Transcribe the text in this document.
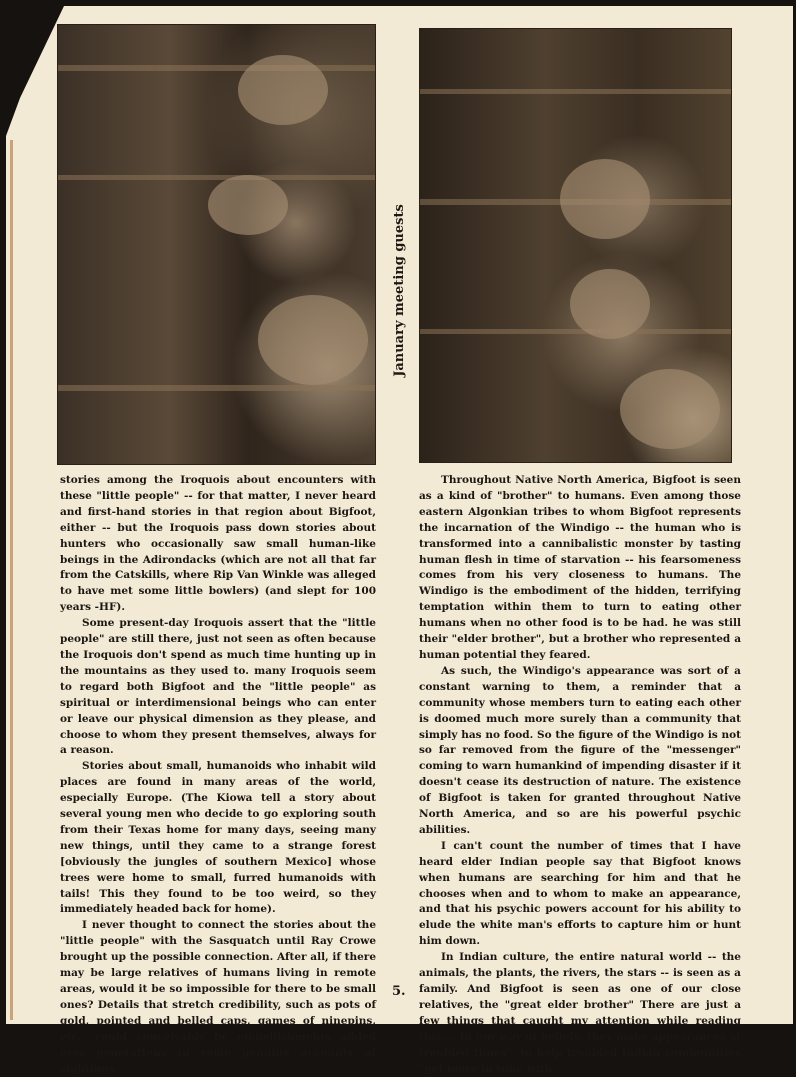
January meeting guests

stories among the Iroquois about encounters with these "little people" -- for that matter, I never heard and first-hand stories in that region about Bigfoot, either -- but the Iroquois pass down stories about hunters who occasionally saw small human-like beings in the Adirondacks (which are not all that far from the Catskills, where Rip Van Winkle was alleged to have met some little bowlers) (and slept for 100 years -HF).

Some present-day Iroquois assert that the "little people" are still there, just not seen as often because the Iroquois don't spend as much time hunting up in the mountains as they used to. many Iroquois seem to regard both Bigfoot and the "little people" as spiritual or interdimensional beings who can enter or leave our physical dimension as they please, and choose to whom they present themselves, always for a reason.

Stories about small, humanoids who inhabit wild places are found in many areas of the world, especially Europe. (The Kiowa tell a story about several young men who decide to go exploring south from their Texas home for many days, seeing many new things, until they came to a strange forest [obviously the jungles of southern Mexico] whose trees were home to small, furred humanoids with tails! This they found to be too weird, so they immediately headed back for home).

I never thought to connect the stories about the "little people" with the Sasquatch until Ray Crowe brought up the possible connection. After all, if there may be large relatives of humans living in remote areas, would it be so impossible for there to be small ones? Details that stretch credibility, such as pots of gold, pointed and belled caps, games of ninepins, etc., could conceivably be embellishments added over generations to some genuine accounts of sightings.

Throughout Native North America, Bigfoot is seen as a kind of "brother" to humans. Even among those eastern Algonkian tribes to whom Bigfoot represents the incarnation of the Windigo -- the human who is transformed into a cannibalistic monster by tasting human flesh in time of starvation -- his fearsomeness comes from his very closeness to humans. The Windigo is the embodiment of the hidden, terrifying temptation within them to turn to eating other humans when no other food is to be had. he was still their "elder brother", but a brother who represented a human potential they feared.

As such, the Windigo's appearance was sort of a constant warning to them, a reminder that a community whose members turn to eating each other is doomed much more surely than a community that simply has no food. So the figure of the Windigo is not so far removed from the figure of the "messenger" coming to warn humankind of impending disaster if it doesn't cease its destruction of nature. The existence of Bigfoot is taken for granted throughout Native North America, and so are his powerful psychic abilities.

I can't count the number of times that I have heard elder Indian people say that Bigfoot knows when humans are searching for him and that he chooses when and to whom to make an appearance, and that his psychic powers account for his ability to elude the white man's efforts to capture him or hunt him down.

In Indian culture, the entire natural world -- the animals, the plants, the rivers, the stars -- is seen as a family. And Bigfoot is seen as one of our close relatives, the "great elder brother" There are just a few things that caught my attention while reading this.... In our way of beliefs, they make appearances at troubled times", to help troubled Indian communities "get more in tune with

5.
